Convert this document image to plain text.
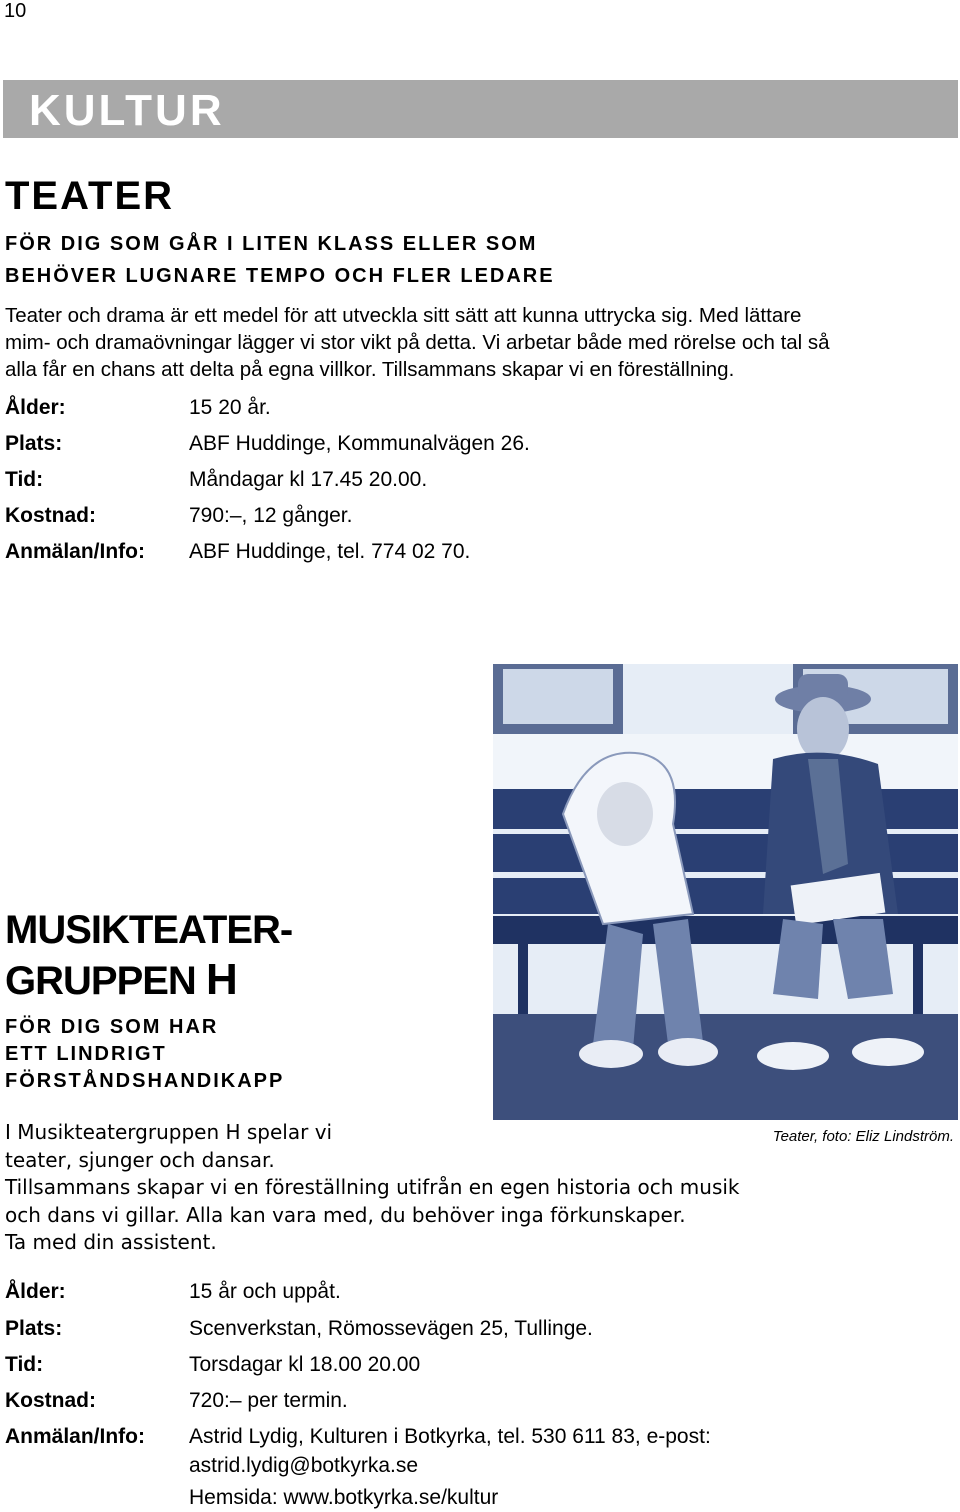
10
KULTUR
TEATER
FÖR DIG SOM GÅR I LITEN KLASS ELLER SOM
BEHÖVER LUGNARE TEMPO OCH FLER LEDARE
Teater och drama är ett medel för att utveckla sitt sätt att kunna uttrycka sig. Med lättare
mim- och dramaövningar lägger vi stor vikt på detta. Vi arbetar både med rörelse och tal så
alla får en chans att delta på egna villkor. Tillsammans skapar vi en föreställning.
Ålder:	15 20 år.
Plats:	ABF Huddinge, Kommunalvägen 26.
Tid:	Måndagar kl 17.45 20.00.
Kostnad:	790:–, 12 gånger.
Anmälan/Info: ABF Huddinge, tel. 774 02 70.
Teater, foto: Eliz Lindström.
MUSIKTEATER-
GRUPPEN H
FÖR DIG SOM HAR
ETT LINDRIGT
FÖRSTÅNDSHANDIKAPP
I Musikteatergruppen H spelar vi
teater, sjunger och dansar.
Tillsammans skapar vi en föreställning utifrån en egen historia och musik
och dans vi gillar. Alla kan vara med, du behöver inga förkunskaper.
Ta med din assistent.
Ålder:	15 år och uppåt.
Plats:	Scenverkstan, Römossevägen 25, Tullinge.
Tid:	Torsdagar kl 18.00 20.00
Kostnad:	720:– per termin.
Anmälan/Info: Astrid Lydig, Kulturen i Botkyrka, tel. 530 611 83, e-post:
astrid.lydig@botkyrka.se
Hemsida: www.botkyrka.se/kultur
